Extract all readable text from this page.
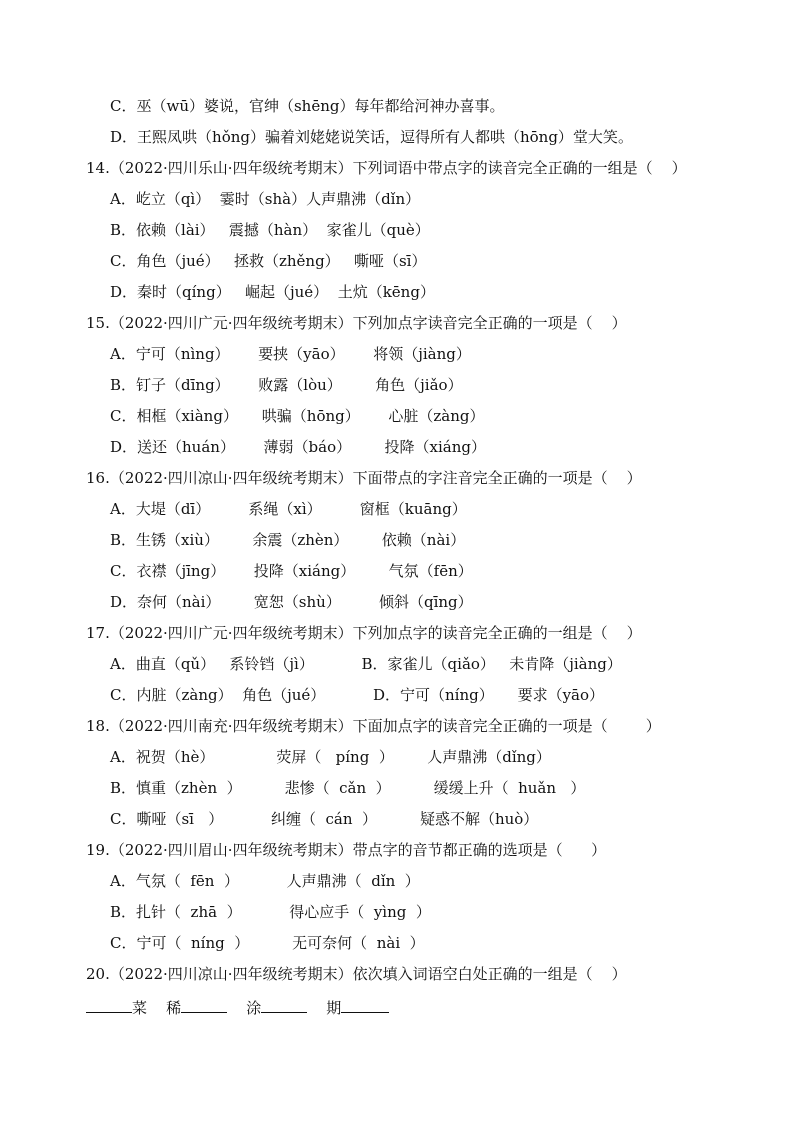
C．巫（wū）婆说，官绅（shēng）每年都给河神办喜事。
D．王熙凤哄（hǒng）骗着刘姥姥说笑话，逗得所有人都哄（hōng）堂大笑。
14.（2022·四川乐山·四年级统考期末）下列词语中带点字的读音完全正确的一组是（    ）
A．屹立（qì）  霎时（shà）人声鼎沸（dǐn）
B．依赖（lài）   震撼（hàn）  家雀儿（què）
C．角色（jué）   拯救（zhěng）   嘶哑（sī）
D．秦时（qíng）   崛起（jué）  土炕（kēng）
15.（2022·四川广元·四年级统考期末）下列加点字读音完全正确的一项是（    ）
A．宁可（nìng）      要挟（yāo）      将领（jiàng）
B．钉子（dīng）      败露（lòu）       角色（jiǎo）
C．相框（xiàng）     哄骗（hōng）      心脏（zàng）
D．送还（huán）      薄弱（báo）       投降（xiáng）
16.（2022·四川凉山·四年级统考期末）下面带点的字注音完全正确的一项是（    ）
A．大堤（dī）        系绳（xì）        窗框（kuāng）
B．生锈（xiù）       余震（zhèn）       依赖（nài）
C．衣襟（jīng）      投降（xiáng）       气氛（fēn）
D．奈何（nài）       宽恕（shù）        倾斜（qīng）
17.（2022·四川广元·四年级统考期末）下列加点字的读音完全正确的一组是（    ）
A．曲直（qǔ）   系铃铛（jì）          B．家雀儿（qiǎo）   未肯降（jiàng）
C．内脏（zàng）  角色（jué）          D．宁可（níng）     要求（yāo）
18.（2022·四川南充·四年级统考期末）下面加点字的读音完全正确的一项是（        ）
A．祝贺（hè）             荧屏（   píng  ）       人声鼎沸（dǐng）
B．慎重（zhèn  ）         悲惨（  cǎn  ）         缓缓上升（  huǎn   ）
C．嘶哑（sī   ）          纠缠（  cán  ）         疑惑不解（huò）
19.（2022·四川眉山·四年级统考期末）带点字的音节都正确的选项是（      ）
A．气氛（  fēn  ）          人声鼎沸（  dǐn  ）
B．扎针（  zhā  ）          得心应手（  yìng  ）
C．宁可（  níng  ）         无可奈何（  nài  ）
20.（2022·四川凉山·四年级统考期末）依次填入词语空白处正确的一组是（    ）
菜 稀	涂	期
